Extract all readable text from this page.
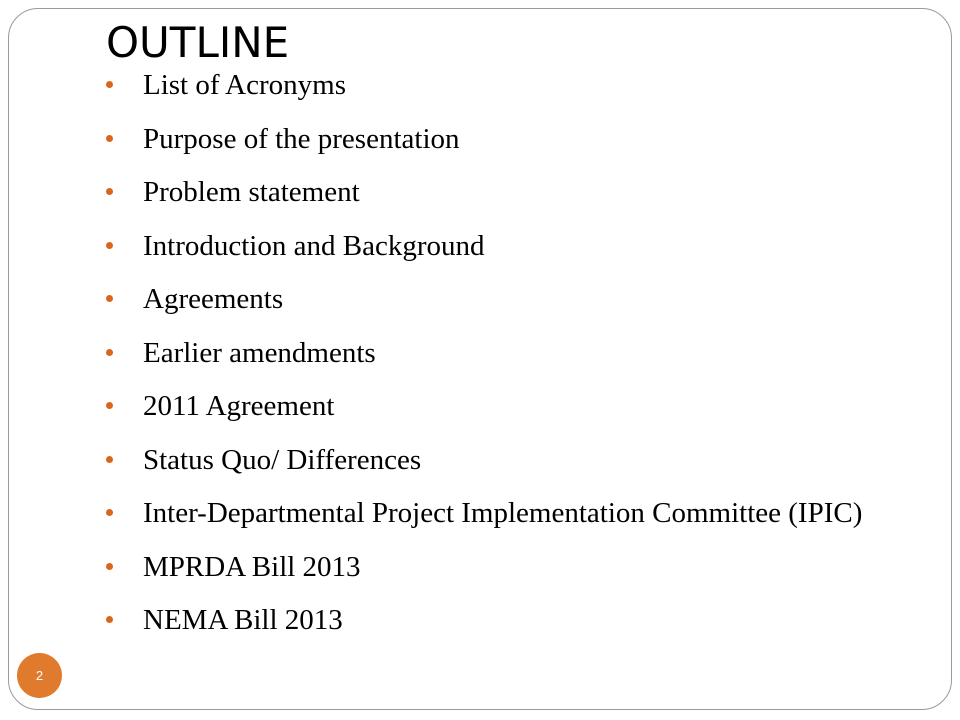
OUTLINE
List of Acronyms
Purpose of the presentation
Problem statement
Introduction and Background
Agreements
Earlier amendments
2011 Agreement
Status Quo/ Differences
Inter-Departmental Project Implementation Committee (IPIC)
MPRDA Bill 2013
NEMA Bill 2013
2
